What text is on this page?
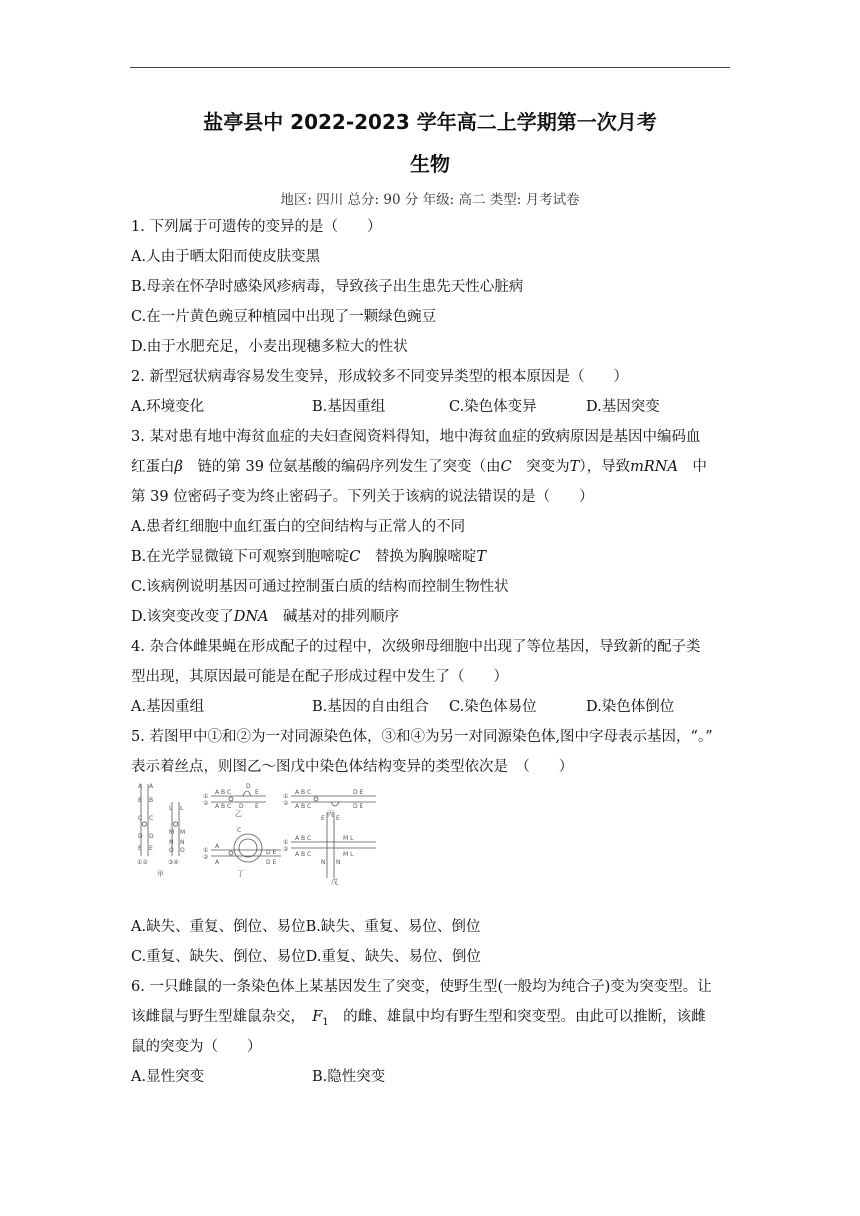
盐亭县中 2022-2023 学年高二上学期第一次月考
生物
地区: 四川 总分: 90 分 年级: 高二 类型: 月考试卷
1. 下列属于可遗传的变异的是（　　）
A.人由于晒太阳而使皮肤变黑
B.母亲在怀孕时感染风疹病毒，导致孩子出生患先天性心脏病
C.在一片黄色豌豆种植园中出现了一颗绿色豌豆
D.由于水肥充足，小麦出现穗多粒大的性状
2. 新型冠状病毒容易发生变异，形成较多不同变异类型的根本原因是（　　）
A.环境变化	B.基因重组	C.染色体变异	D.基因突变
3. 某对患有地中海贫血症的夫妇查阅资料得知，地中海贫血症的致病原因是基因中编码血
红蛋白β　链的第 39 位氨基酸的编码序列发生了突变（由C　突变为T），导致mRNA　中
第 39 位密码子变为终止密码子。下列关于该病的说法错误的是（　　）
A.患者红细胞中血红蛋白的空间结构与正常人的不同
B.在光学显微镜下可观察到胞嘧啶C　替换为胸腺嘧啶T
C.该病例说明基因可通过控制蛋白质的结构而控制生物性状
D.该突变改变了DNA　碱基对的排列顺序
4. 杂合体雌果蝇在形成配子的过程中，次级卵母细胞中出现了等位基因，导致新的配子类
型出现，其原因最可能是在配子形成过程中发生了（　　）
A.基因重组	B.基因的自由组合 C.染色体易位	D.染色体倒位
5. 若图甲中①和②为一对同源染色体，③和④为另一对同源染色体,图中字母表示基因，“。”
表示着丝点，则图乙～图戊中染色体结构变异的类型依次是　（　　）
A A
B B
C C
D D
E E
L L
M M
N N
O O
①②	③④
①
②
A B C
D
E
A B C D E
①
②
A B C	D E
A B C	D E
①
②
A
C
D E
A	D E
①
②
A B C	M L
A B C	M L
E E
N N
甲
乙	丙
丁
戊
A.缺失、重复、倒位、易位B.缺失、重复、易位、倒位
C.重复、缺失、倒位、易位D.重复、缺失、易位、倒位
6. 一只雌鼠的一条染色体上某基因发生了突变，使野生型(一般均为纯合子)变为突变型。让
该雌鼠与野生型雄鼠杂交，　 $F_1$　的雌、雄鼠中均有野生型和突变型。由此可以推断，该雌
鼠的突变为（　　）
A.显性突变	B.隐性突变
